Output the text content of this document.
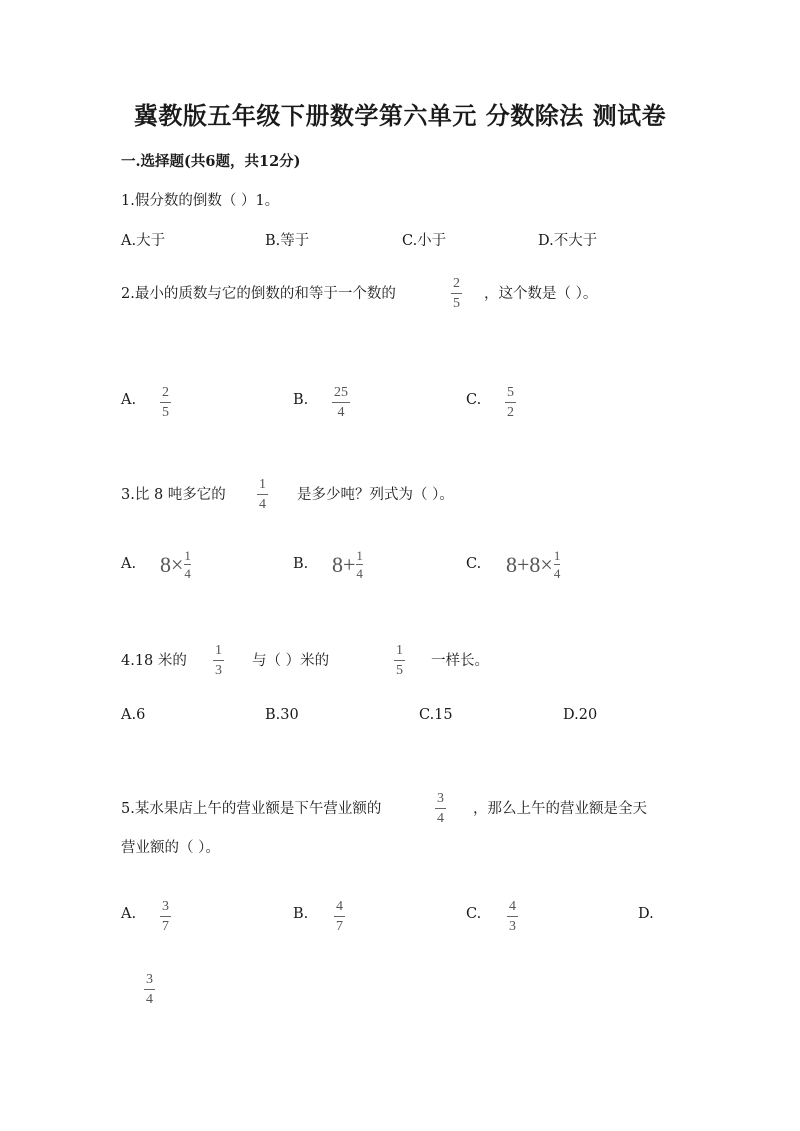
冀教版五年级下册数学第六单元 分数除法 测试卷
一.选择题(共6题，共12分)
1.假分数的倒数（ ）1。
A.大于	B.等于	C.小于	D.不大于
2.最小的质数与它的倒数的和等于一个数的
2
5
，这个数是（ ）。
A. 2
5
B. 25
4
C. 5
2
3.比 8 吨多它的
1
4
是多少吨？列式为（ ）。
A. 8× 1
4
B. 8+ 1
4
C. 8+8× 1
4
4.18 米的
1
3
与（ ）米的
1
5
一样长。
A.6	B.30	C.15	D.20
5.某水果店上午的营业额是下午营业额的
3
4
，那么上午的营业额是全天
营业额的（ ）。
A. 3
7
B. 4
7
C. 4
3
D.
3
4
